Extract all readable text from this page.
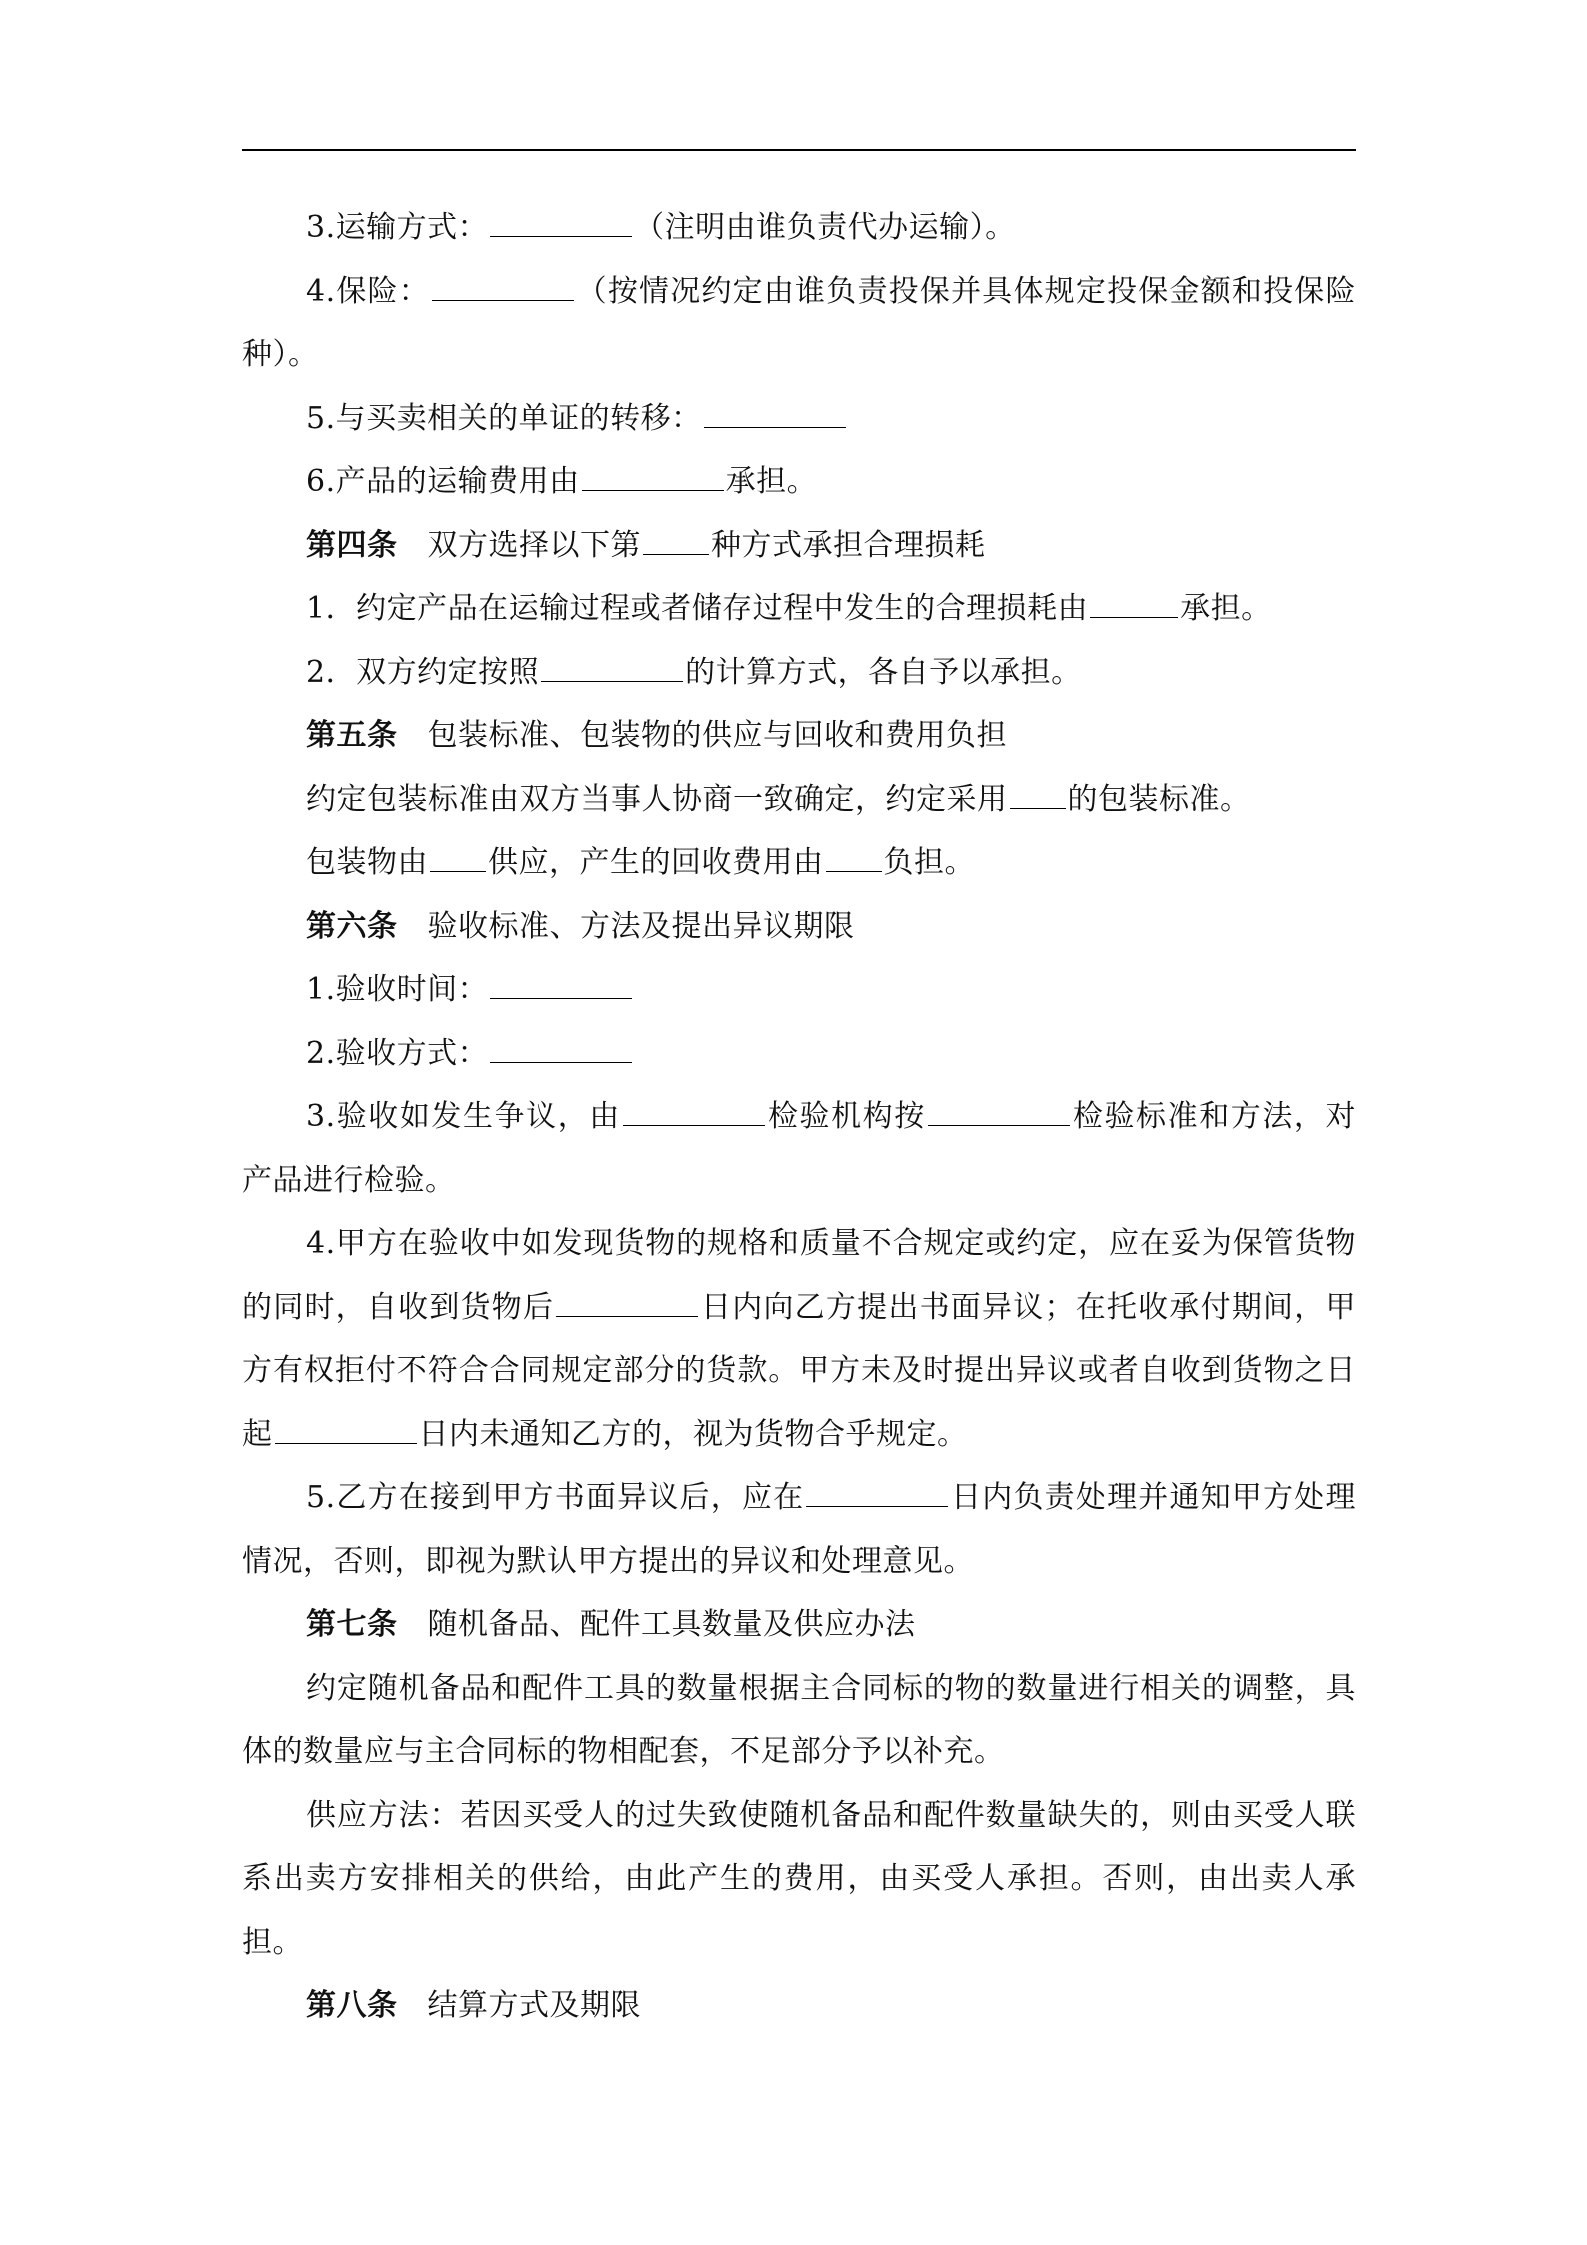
3.运输方式：	（注明由谁负责代办运输）。

4.保险：	（按情况约定由谁负责投保并具体规定投保金额和投保险种）。

5.与买卖相关的单证的转移：

6.产品的运输费用由	承担。

第四条 双方选择以下第 种方式承担合理损耗

1．约定产品在运输过程或者储存过程中发生的合理损耗由	承担。

2．双方约定按照	的计算方式，各自予以承担。

第五条 包装标准、包装物的供应与回收和费用负担

约定包装标准由双方当事人协商一致确定，约定采用 的包装标准。

包装物由 供应，产生的回收费用由 负担。

第六条 验收标准、方法及提出异议期限

1.验收时间：

2.验收方式：

3.验收如发生争议，由	检验机构按	检验标准和方法，对产品进行检验。

4.甲方在验收中如发现货物的规格和质量不合规定或约定，应在妥为保管货物的同时，自收到货物后	日内向乙方提出书面异议；在托收承付期间，甲方有权拒付不符合合同规定部分的货款。甲方未及时提出异议或者自收到货物之日起	日内未通知乙方的，视为货物合乎规定。

5.乙方在接到甲方书面异议后，应在	日内负责处理并通知甲方处理情况，否则，即视为默认甲方提出的异议和处理意见。

第七条 随机备品、配件工具数量及供应办法

约定随机备品和配件工具的数量根据主合同标的物的数量进行相关的调整，具体的数量应与主合同标的物相配套，不足部分予以补充。

供应方法：若因买受人的过失致使随机备品和配件数量缺失的，则由买受人联系出卖方安排相关的供给，由此产生的费用，由买受人承担。否则，由出卖人承担。

第八条 结算方式及期限
